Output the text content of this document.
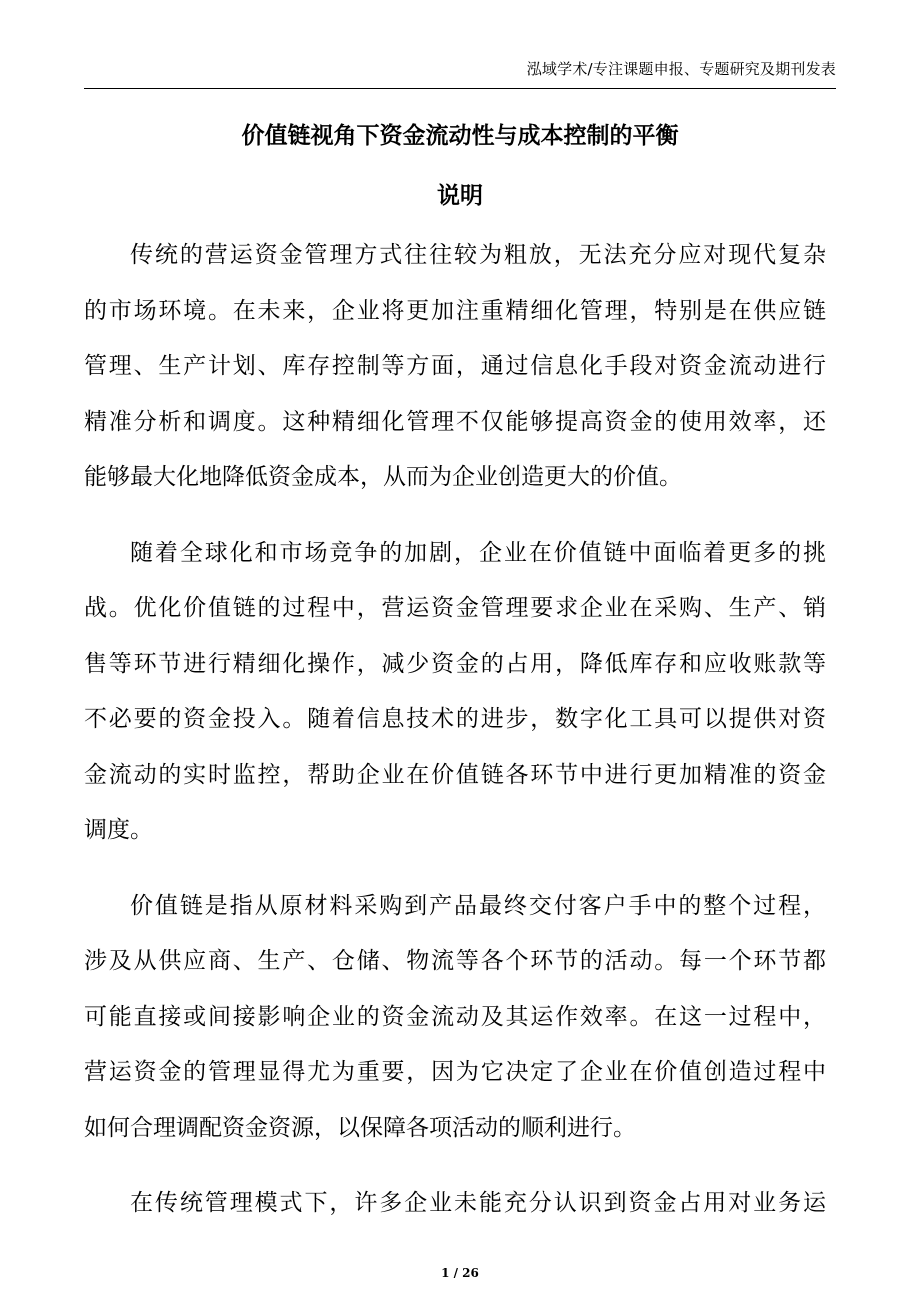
泓域学术/专注课题申报、专题研究及期刊发表
价值链视角下资金流动性与成本控制的平衡
说明

传统的营运资金管理方式往往较为粗放，无法充分应对现代复杂
的市场环境。在未来，企业将更加注重精细化管理，特别是在供应链
管理、生产计划、库存控制等方面，通过信息化手段对资金流动进行
精准分析和调度。这种精细化管理不仅能够提高资金的使用效率，还
能够最大化地降低资金成本，从而为企业创造更大的价值。

随着全球化和市场竞争的加剧，企业在价值链中面临着更多的挑
战。优化价值链的过程中，营运资金管理要求企业在采购、生产、销
售等环节进行精细化操作，减少资金的占用，降低库存和应收账款等
不必要的资金投入。随着信息技术的进步，数字化工具可以提供对资
金流动的实时监控，帮助企业在价值链各环节中进行更加精准的资金
调度。

价值链是指从原材料采购到产品最终交付客户手中的整个过程，
涉及从供应商、生产、仓储、物流等各个环节的活动。每一个环节都
可能直接或间接影响企业的资金流动及其运作效率。在这一过程中，
营运资金的管理显得尤为重要，因为它决定了企业在价值创造过程中
如何合理调配资金资源，以保障各项活动的顺利进行。

在传统管理模式下，许多企业未能充分认识到资金占用对业务运

1 / 26
